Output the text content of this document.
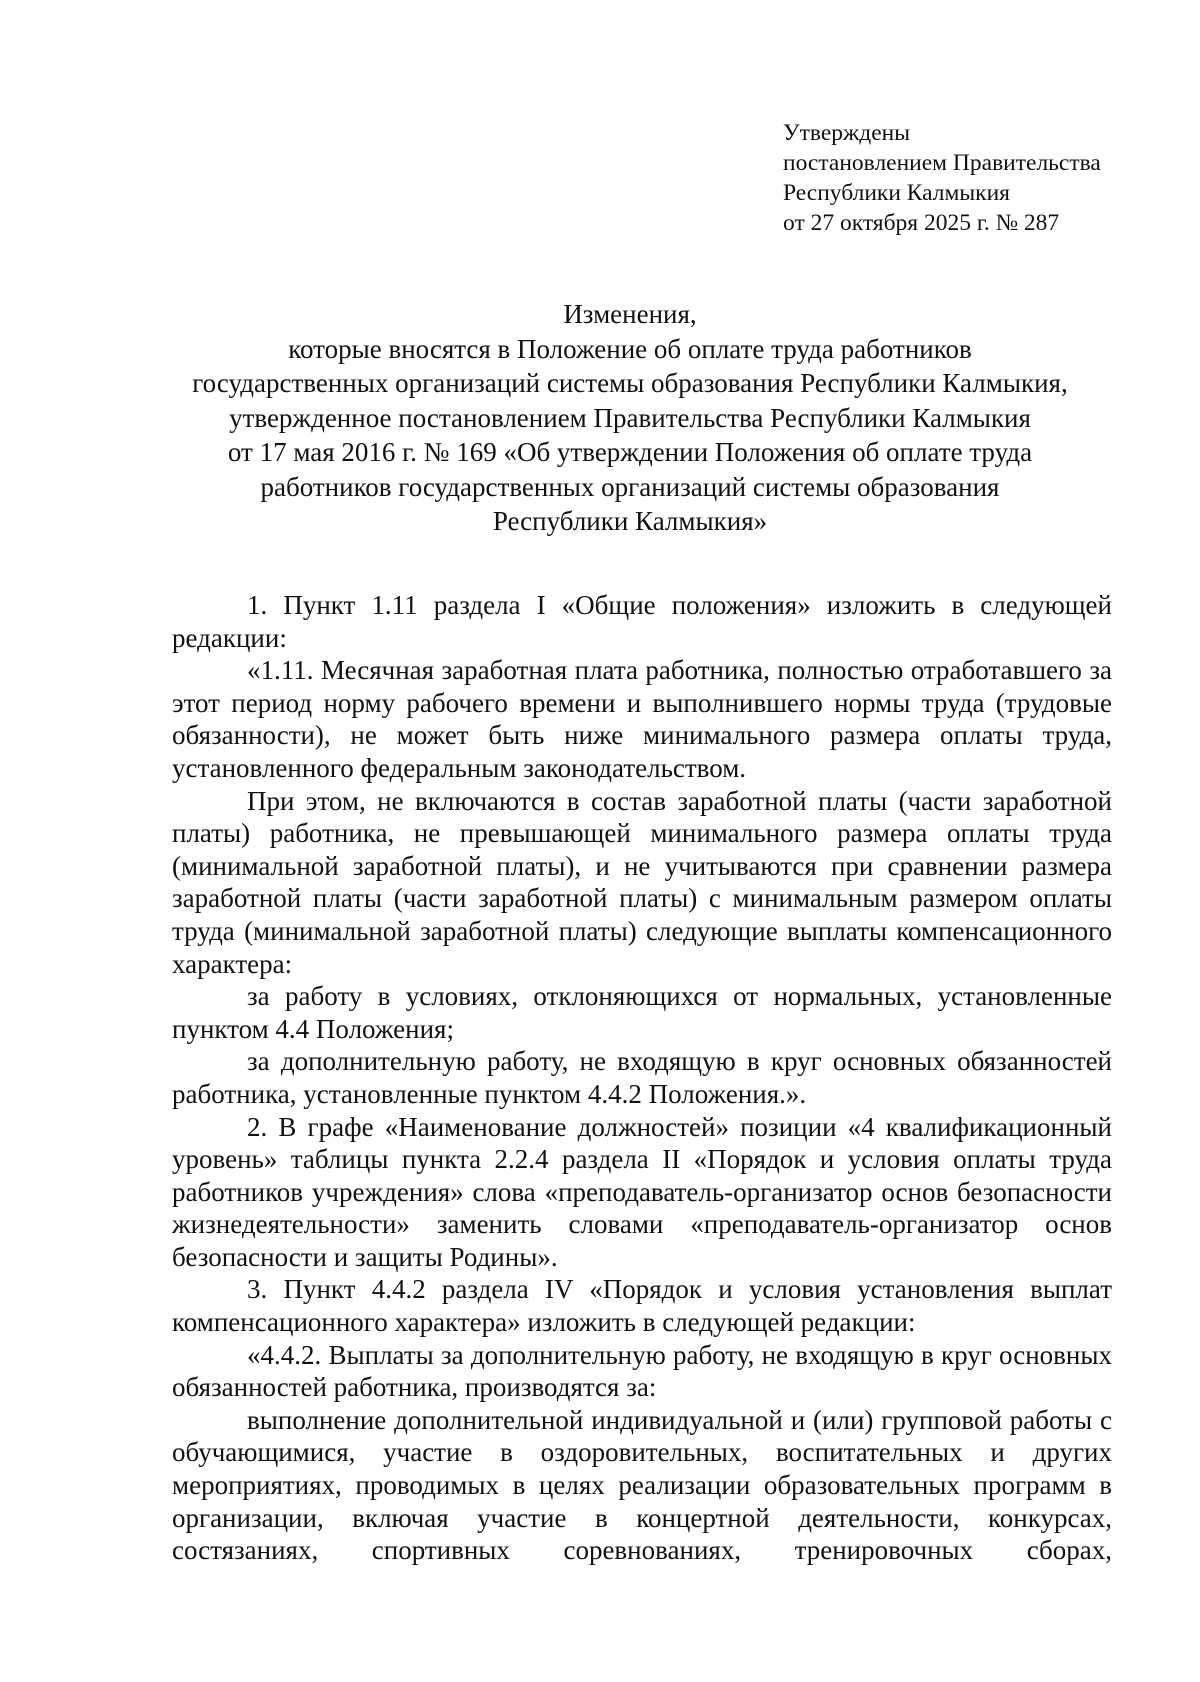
Утверждены
постановлением Правительства
Республики Калмыкия
от 27 октября 2025 г. № 287
Изменения,
которые вносятся в Положение об оплате труда работников
государственных организаций системы образования Республики Калмыкия,
утвержденное постановлением Правительства Республики Калмыкия
от 17 мая 2016 г. № 169 «Об утверждении Положения об оплате труда
работников государственных организаций системы образования
Республики Калмыкия»

1. Пункт 1.11 раздела I «Общие положения» изложить в следующей редакции:

«1.11. Месячная заработная плата работника, полностью отработавшего за этот период норму рабочего времени и выполнившего нормы труда (трудовые обязанности), не может быть ниже минимального размера оплаты труда, установленного федеральным законодательством.

При этом, не включаются в состав заработной платы (части заработной платы) работника, не превышающей минимального размера оплаты труда (минимальной заработной платы), и не учитываются при сравнении размера заработной платы (части заработной платы) с минимальным размером оплаты труда (минимальной заработной платы) следующие выплаты компенсационного характера:

за работу в условиях, отклоняющихся от нормальных, установленные пунктом 4.4 Положения;

за дополнительную работу, не входящую в круг основных обязанностей работника, установленные пунктом 4.4.2 Положения.».

2. В графе «Наименование должностей» позиции «4 квалификационный уровень» таблицы пункта 2.2.4 раздела II «Порядок и условия оплаты труда работников учреждения» слова «преподаватель-организатор основ безопасности жизнедеятельности» заменить словами «преподаватель-организатор основ безопасности и защиты Родины».

3. Пункт 4.4.2 раздела IV «Порядок и условия установления выплат компенсационного характера» изложить в следующей редакции:

«4.4.2. Выплаты за дополнительную работу, не входящую в круг основных обязанностей работника, производятся за:

выполнение дополнительной индивидуальной и (или) групповой работы с обучающимися, участие в оздоровительных, воспитательных и других мероприятиях, проводимых в целях реализации образовательных программ в организации, включая участие в концертной деятельности, конкурсах, состязаниях, спортивных соревнованиях, тренировочных сборах,
